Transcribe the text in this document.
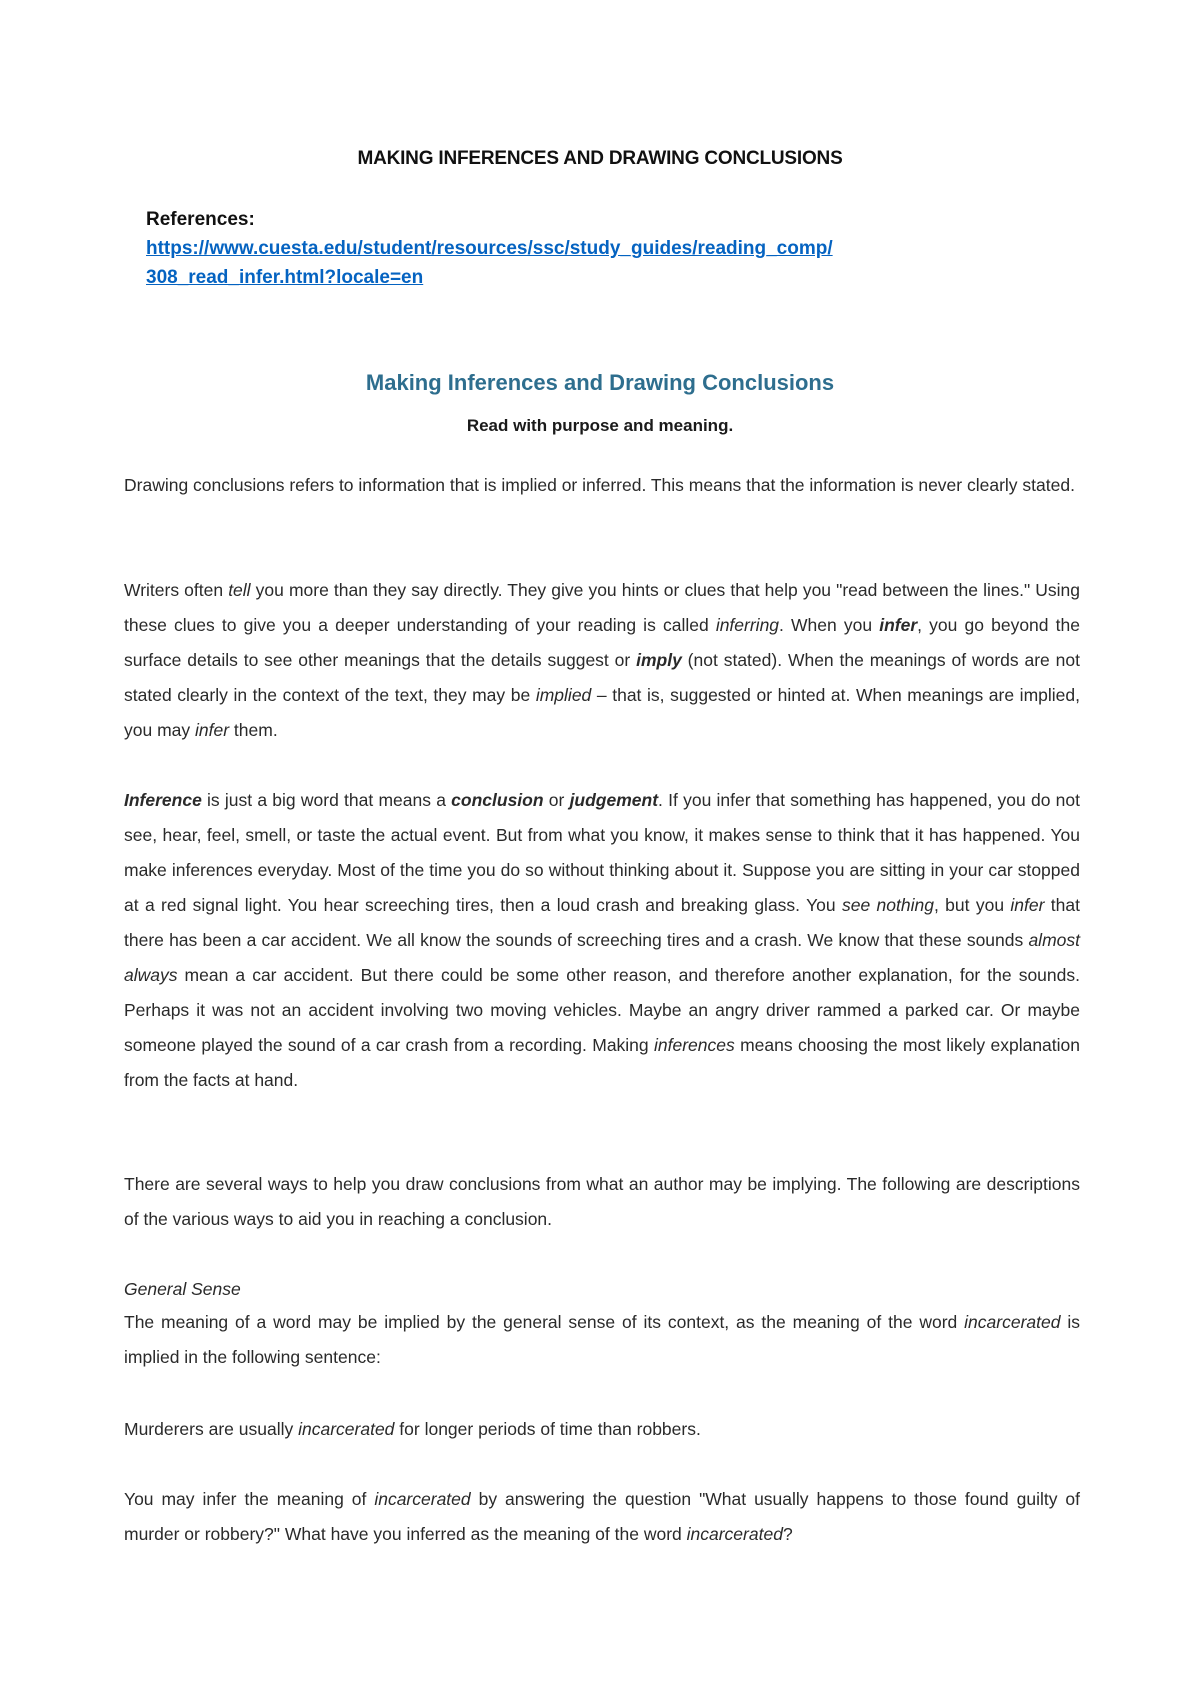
MAKING INFERENCES AND DRAWING CONCLUSIONS
References:
https://www.cuesta.edu/student/resources/ssc/study_guides/reading_comp/
308_read_infer.html?locale=en
Making Inferences and Drawing Conclusions
Read with purpose and meaning.

Drawing conclusions refers to information that is implied or inferred. This means that the information is never clearly stated.

Writers often tell you more than they say directly. They give you hints or clues that help you "read between the lines." Using these clues to give you a deeper understanding of your reading is called inferring. When you infer, you go beyond the surface details to see other meanings that the details suggest or imply (not stated). When the meanings of words are not stated clearly in the context of the text, they may be implied – that is, suggested or hinted at. When meanings are implied, you may infer them.

Inference is just a big word that means a conclusion or judgement. If you infer that something has happened, you do not see, hear, feel, smell, or taste the actual event. But from what you know, it makes sense to think that it has happened. You make inferences everyday. Most of the time you do so without thinking about it. Suppose you are sitting in your car stopped at a red signal light. You hear screeching tires, then a loud crash and breaking glass. You see nothing, but you infer that there has been a car accident. We all know the sounds of screeching tires and a crash. We know that these sounds almost always mean a car accident. But there could be some other reason, and therefore another explanation, for the sounds. Perhaps it was not an accident involving two moving vehicles. Maybe an angry driver rammed a parked car. Or maybe someone played the sound of a car crash from a recording. Making inferences means choosing the most likely explanation from the facts at hand.

There are several ways to help you draw conclusions from what an author may be implying. The following are descriptions of the various ways to aid you in reaching a conclusion.

General Sense

The meaning of a word may be implied by the general sense of its context, as the meaning of the word incarcerated is implied in the following sentence:

Murderers are usually incarcerated for longer periods of time than robbers.

You may infer the meaning of incarcerated by answering the question "What usually happens to those found guilty of murder or robbery?" What have you inferred as the meaning of the word incarcerated?
